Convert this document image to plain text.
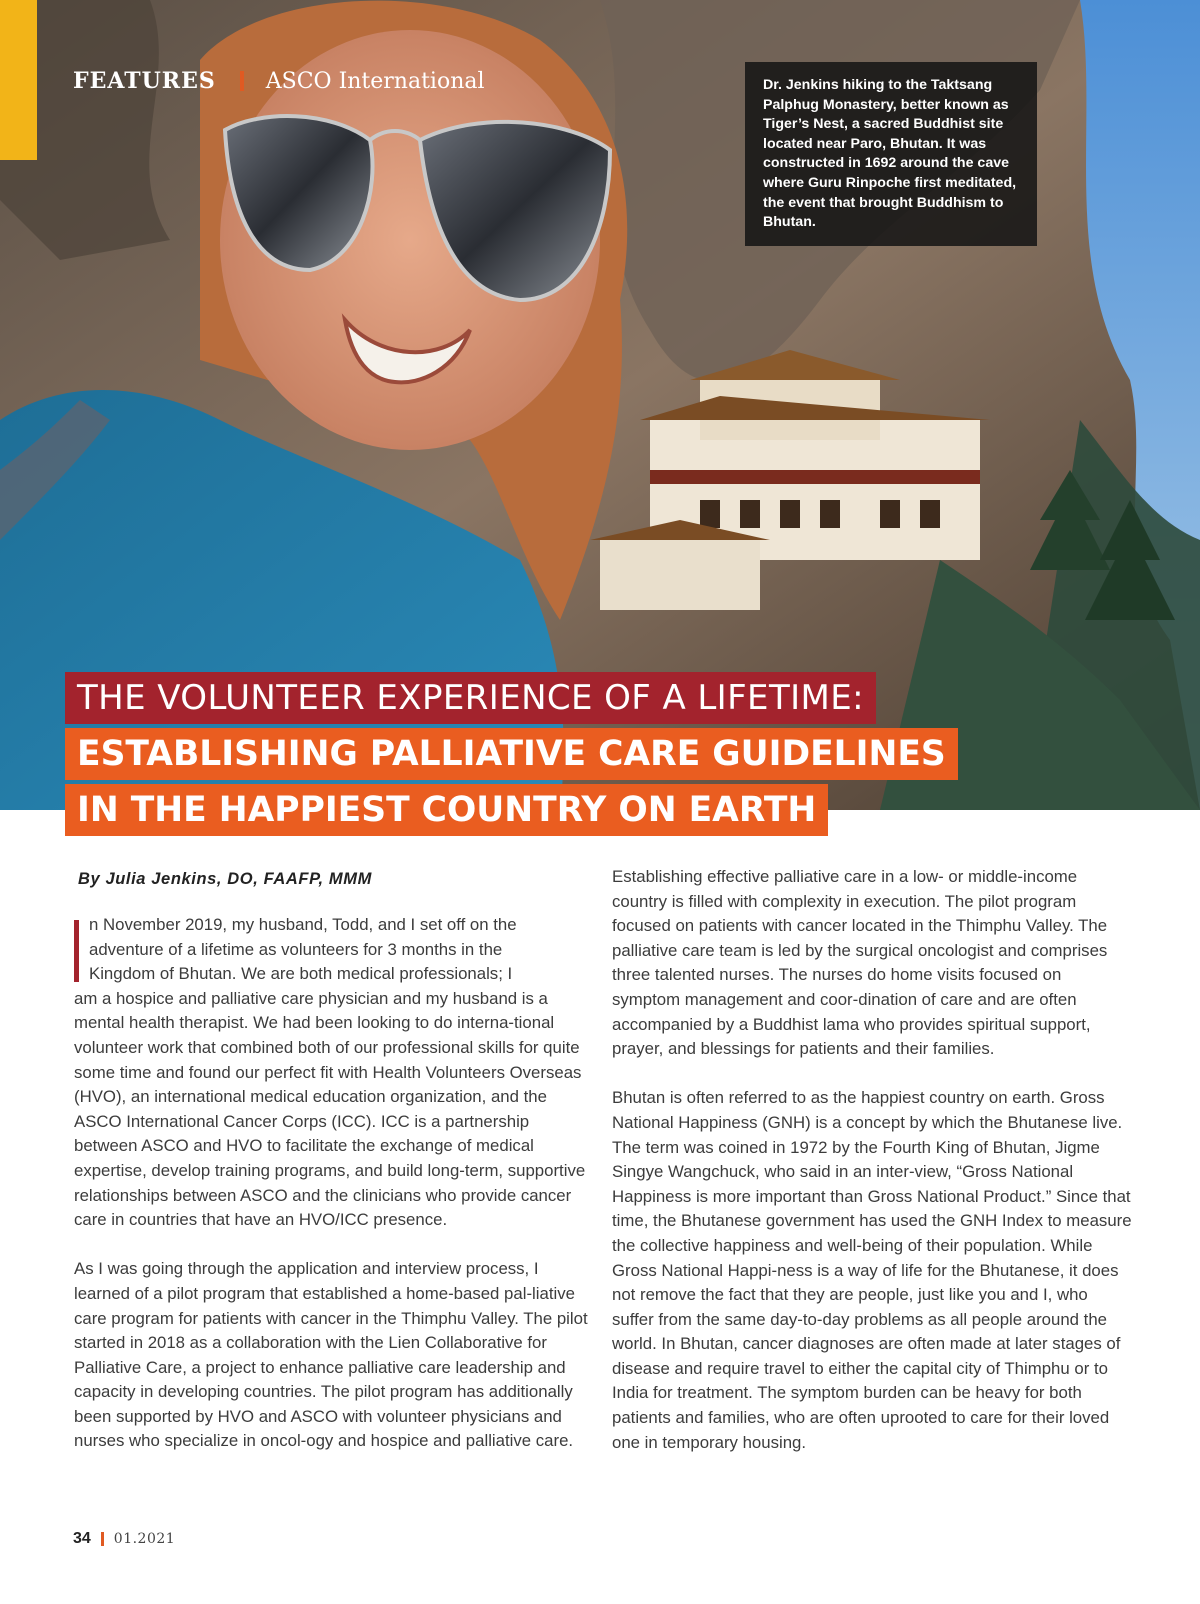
FEATURES ASCO International	Dr. Jenkins hiking to the Taktsang Palphug Monastery, better known as Tiger’s Nest, a sacred Buddhist site located near Paro, Bhutan. It was constructed in 1692 around the cave where Guru Rinpoche first meditated, the event that brought Buddhism to Bhutan.

THE VOLUNTEER EXPERIENCE OF A LIFETIME:
ESTABLISHING PALLIATIVE CARE GUIDELINES
IN THE HAPPIEST COUNTRY ON EARTH
By Julia Jenkins, DO, FAAFP, MMM
n November 2019, my husband, Todd, and I set off on the
adventure of a lifetime as volunteers for 3 months in the
Kingdom of Bhutan. We are both medical professionals; I

am a hospice and palliative care physician and my husband is a mental health therapist. We had been looking to do interna-tional volunteer work that combined both of our professional skills for quite some time and found our perfect fit with Health Volunteers Overseas (HVO), an international medical education organization, and the ASCO International Cancer Corps (ICC). ICC is a partnership between ASCO and HVO to facilitate the exchange of medical expertise, develop training programs, and build long-term, supportive relationships between ASCO and the clinicians who provide cancer care in countries that have an HVO/ICC presence.

As I was going through the application and interview process, I learned of a pilot program that established a home-based pal-liative care program for patients with cancer in the Thimphu Valley. The pilot started in 2018 as a collaboration with the Lien Collaborative for Palliative Care, a project to enhance palliative care leadership and capacity in developing countries. The pilot program has additionally been supported by HVO and ASCO with volunteer physicians and nurses who specialize in oncol-ogy and hospice and palliative care.

Establishing effective palliative care in a low- or middle-income country is filled with complexity in execution. The pilot program focused on patients with cancer located in the Thimphu Valley. The palliative care team is led by the surgical oncologist and comprises three talented nurses. The nurses do home visits focused on symptom management and coor-dination of care and are often accompanied by a Buddhist lama who provides spiritual support, prayer, and blessings for patients and their families.

Bhutan is often referred to as the happiest country on earth. Gross National Happiness (GNH) is a concept by which the Bhutanese live. The term was coined in 1972 by the Fourth King of Bhutan, Jigme Singye Wangchuck, who said in an inter-view, “Gross National Happiness is more important than Gross National Product.” Since that time, the Bhutanese government has used the GNH Index to measure the collective happiness and well-being of their population. While Gross National Happi-ness is a way of life for the Bhutanese, it does not remove the fact that they are people, just like you and I, who suffer from the same day-to-day problems as all people around the world. In Bhutan, cancer diagnoses are often made at later stages of disease and require travel to either the capital city of Thimphu or to India for treatment. The symptom burden can be heavy for both patients and families, who are often uprooted to care for their loved one in temporary housing.

34 01.2021
